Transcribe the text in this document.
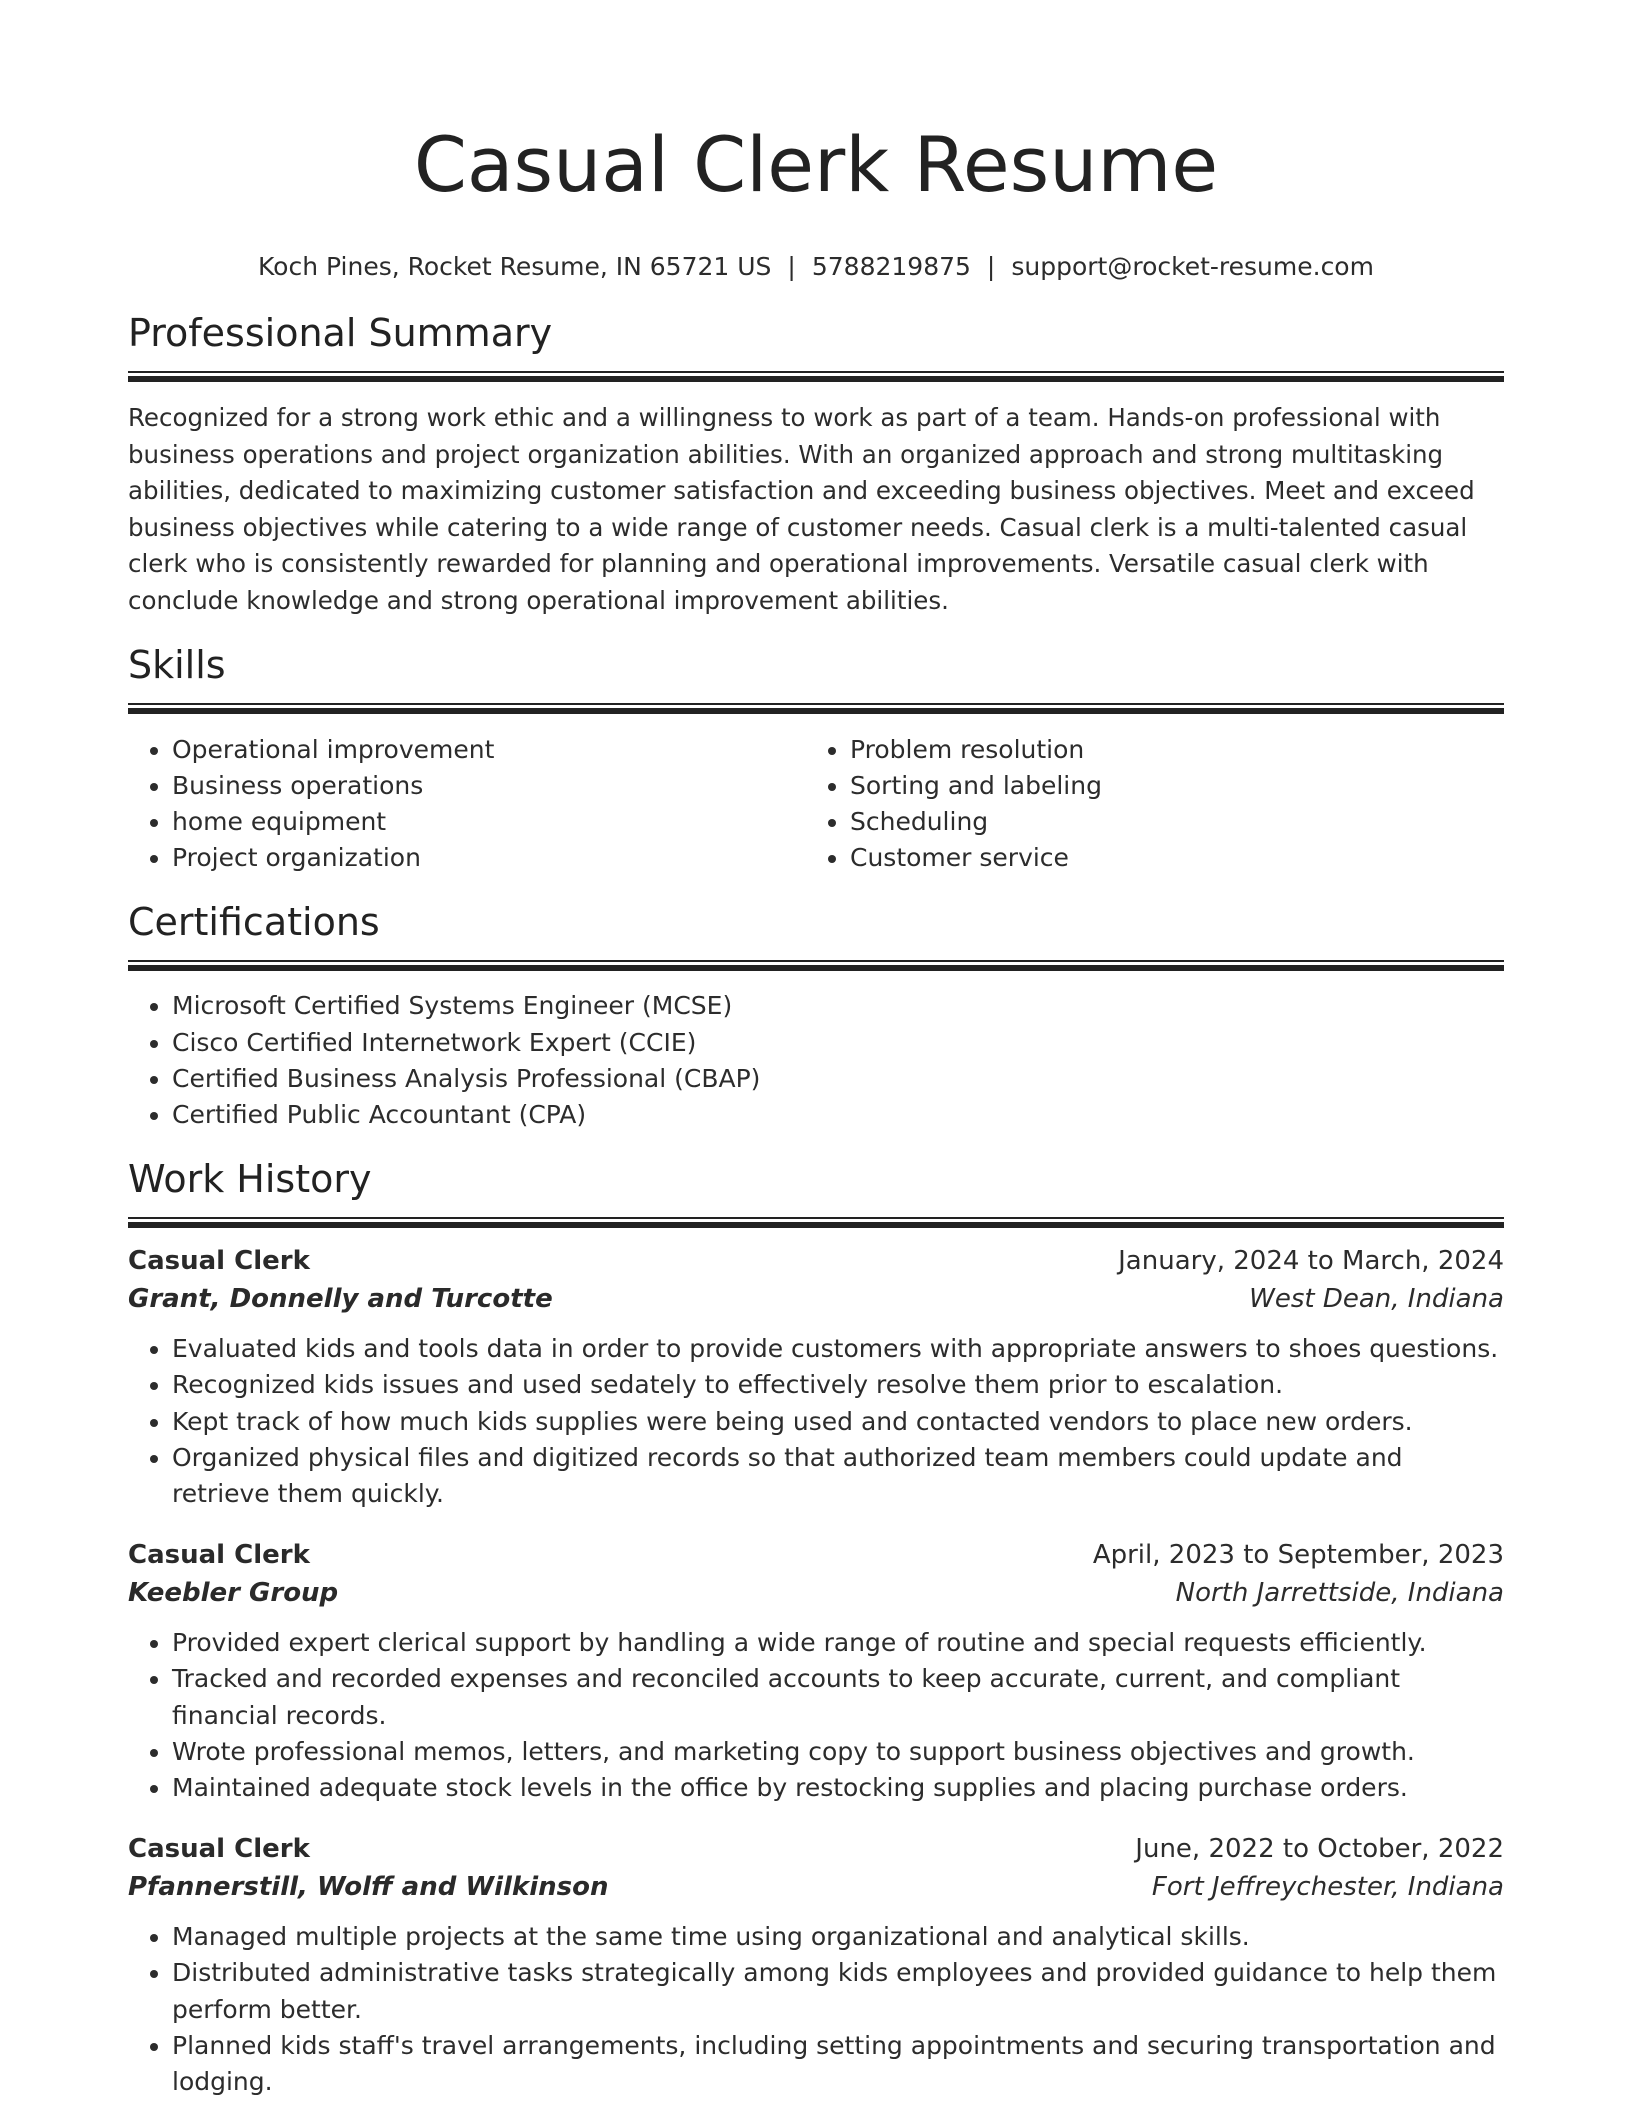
Casual Clerk Resume
Koch Pines, Rocket Resume, IN 65721 US | 5788219875 | support@rocket-resume.com
Professional Summary

Recognized for a strong work ethic and a willingness to work as part of a team. Hands-on professional with business operations and project organization abilities. With an organized approach and strong multitasking abilities, dedicated to maximizing customer satisfaction and exceeding business objectives. Meet and exceed business objectives while catering to a wide range of customer needs. Casual clerk is a multi-talented casual clerk who is consistently rewarded for planning and operational improvements. Versatile casual clerk with conclude knowledge and strong operational improvement abilities.

Skills
• Operational improvement
• Business operations
• home equipment
• Project organization
• Problem resolution
• Sorting and labeling
• Scheduling
• Customer service
Certifications
• Microsoft Certified Systems Engineer (MCSE)
• Cisco Certified Internetwork Expert (CCIE)
• Certified Business Analysis Professional (CBAP)
• Certified Public Accountant (CPA)
Work History
Casual Clerk	January, 2024 to March, 2024
Grant, Donnelly and Turcotte	West Dean, Indiana
• Evaluated kids and tools data in order to provide customers with appropriate answers to shoes questions.
• Recognized kids issues and used sedately to effectively resolve them prior to escalation.
• Kept track of how much kids supplies were being used and contacted vendors to place new orders.
• Organized physical files and digitized records so that authorized team members could update and retrieve them quickly.
Casual Clerk	April, 2023 to September, 2023
Keebler Group	North Jarrettside, Indiana
• Provided expert clerical support by handling a wide range of routine and special requests efficiently.
• Tracked and recorded expenses and reconciled accounts to keep accurate, current, and compliant financial records.
• Wrote professional memos, letters, and marketing copy to support business objectives and growth.
• Maintained adequate stock levels in the office by restocking supplies and placing purchase orders.
Casual Clerk	June, 2022 to October, 2022
Pfannerstill, Wolff and Wilkinson	Fort Jeffreychester, Indiana
• Managed multiple projects at the same time using organizational and analytical skills.
• Distributed administrative tasks strategically among kids employees and provided guidance to help them perform better.
• Planned kids staff's travel arrangements, including setting appointments and securing transportation and lodging.
